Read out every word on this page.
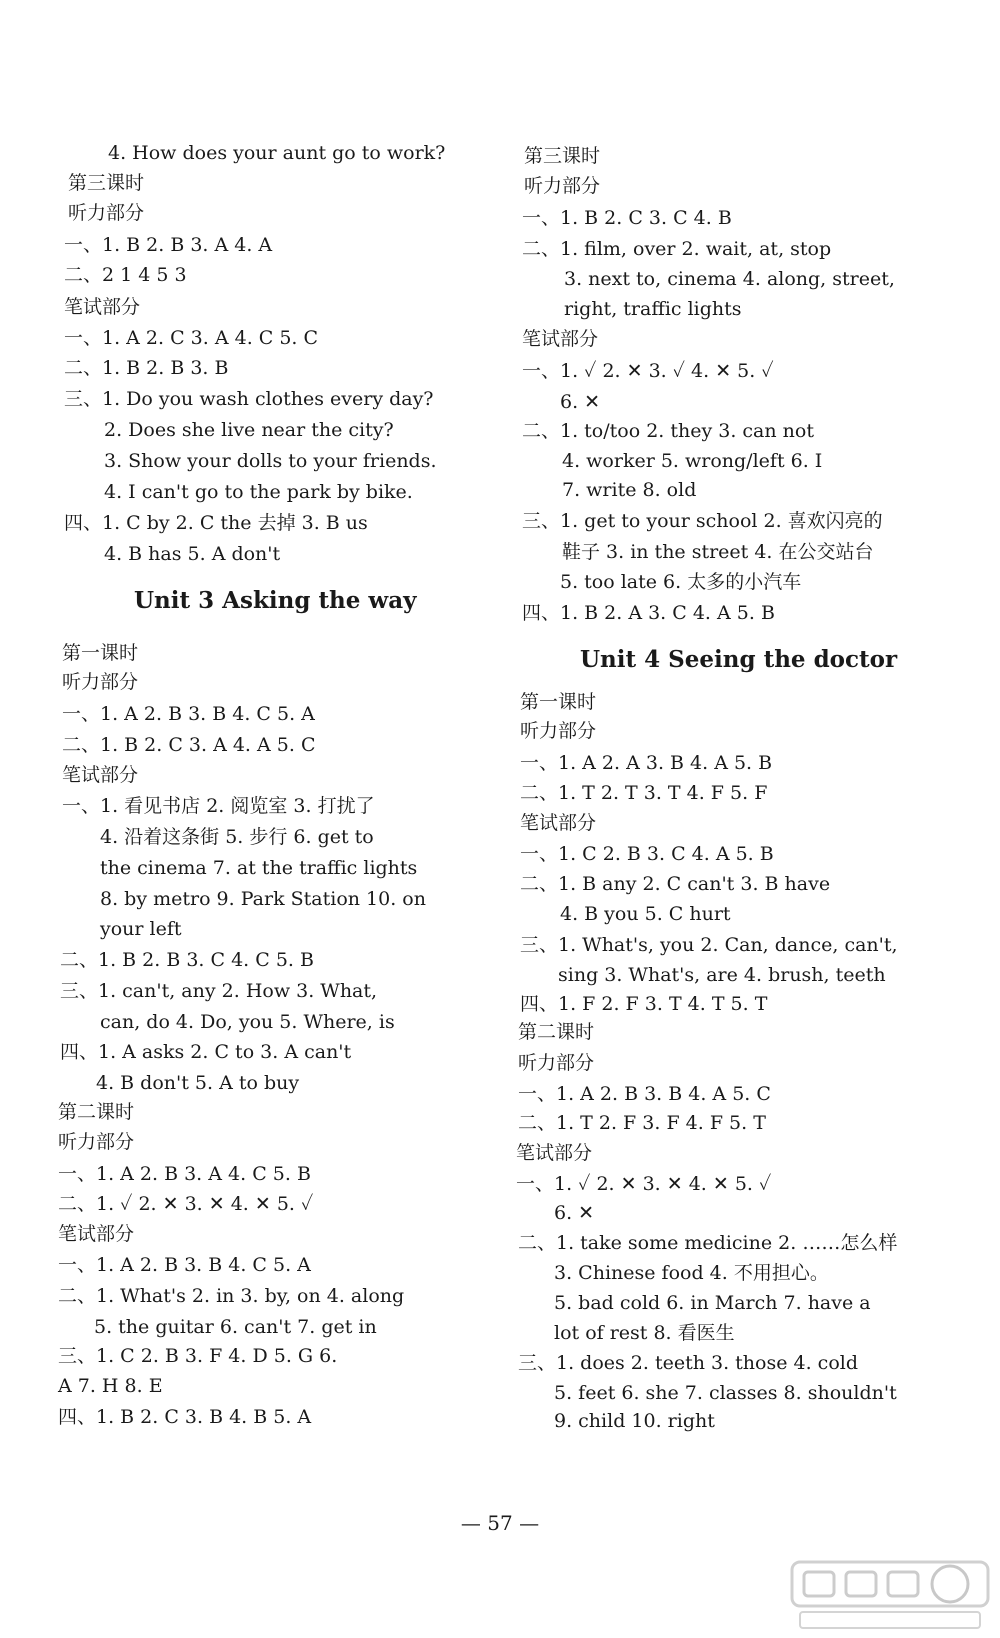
4. How does your aunt go to work?
第三课时
听力部分
一、1. B 2. B 3. A 4. A
二、2 1 4 5 3
笔试部分
一、1. A 2. C 3. A 4. C 5. C
二、1. B 2. B 3. B
三、1. Do you wash clothes every day?
2. Does she live near the city?
3. Show your dolls to your friends.
4. I can't go to the park by bike.
四、1. C by 2. C the 去掉 3. B us
4. B has 5. A don't
Unit 3 Asking the way
第一课时
听力部分
一、1. A 2. B 3. B 4. C 5. A
二、1. B 2. C 3. A 4. A 5. C
笔试部分
一、1. 看见书店 2. 阅览室 3. 打扰了
4. 沿着这条街 5. 步行 6. get to
the cinema 7. at the traffic lights
8. by metro 9. Park Station 10. on
your left
二、1. B 2. B 3. C 4. C 5. B
三、1. can't, any 2. How 3. What,
can, do 4. Do, you 5. Where, is
四、1. A asks 2. C to 3. A can't
4. B don't 5. A to buy
第二课时
听力部分
一、1. A 2. B 3. A 4. C 5. B
二、1. ✓ 2. ✕ 3. ✕ 4. ✕ 5. ✓
笔试部分
一、1. A 2. B 3. B 4. C 5. A
二、1. What's 2. in 3. by, on 4. along
5. the guitar 6. can't 7. get in
三、1. C 2. B 3. F 4. D 5. G 6.
A 7. H 8. E
四、1. B 2. C 3. B 4. B 5. A
第三课时
听力部分
一、1. B 2. C 3. C 4. B
二、1. film, over 2. wait, at, stop
3. next to, cinema 4. along, street,
right, traffic lights
笔试部分
一、1. ✓ 2. ✕ 3. ✓ 4. ✕ 5. ✓
6. ✕
二、1. to/too 2. they 3. can not
4. worker 5. wrong/left 6. I
7. write 8. old
三、1. get to your school 2. 喜欢闪亮的
鞋子 3. in the street 4. 在公交站台
5. too late 6. 太多的小汽车
四、1. B 2. A 3. C 4. A 5. B
Unit 4 Seeing the doctor
第一课时
听力部分
一、1. A 2. A 3. B 4. A 5. B
二、1. T 2. T 3. T 4. F 5. F
笔试部分
一、1. C 2. B 3. C 4. A 5. B
二、1. B any 2. C can't 3. B have
4. B you 5. C hurt
三、1. What's, you 2. Can, dance, can't,
sing 3. What's, are 4. brush, teeth
四、1. F 2. F 3. T 4. T 5. T
第二课时
听力部分
一、1. A 2. B 3. B 4. A 5. C
二、1. T 2. F 3. F 4. F 5. T
笔试部分
一、1. ✓ 2. ✕ 3. ✕ 4. ✕ 5. ✓
6. ✕
二、1. take some medicine 2. ……怎么样
3. Chinese food 4. 不用担心。
5. bad cold 6. in March 7. have a
lot of rest 8. 看医生
三、1. does 2. teeth 3. those 4. cold
5. feet 6. she 7. classes 8. shouldn't
9. child 10. right
— 57 —
